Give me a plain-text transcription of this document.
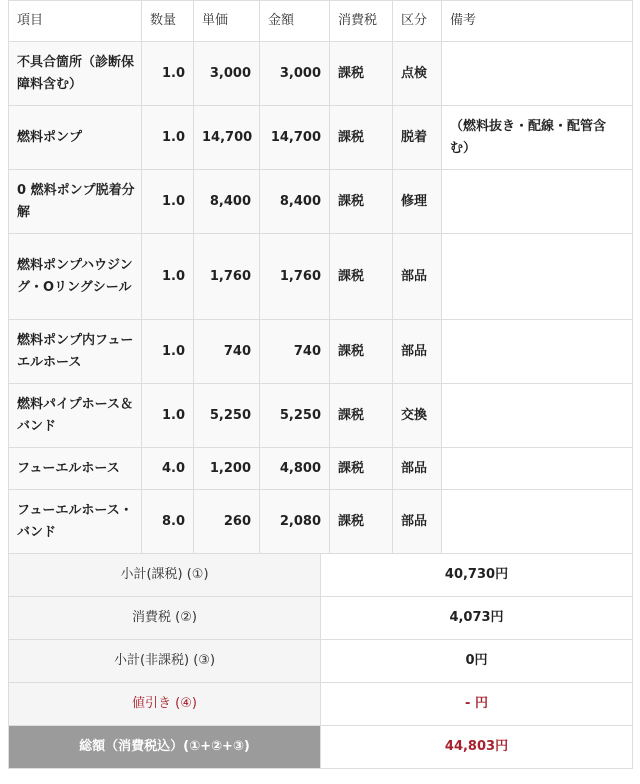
項目	数量	単価	金額	消費税	区分	備考
不具合箇所（診断保障料含む）	1.0	3,000	3,000	課税	点検	
燃料ポンプ	1.0	14,700	14,700	課税	脱着	（燃料抜き・配線・配管含む）
0 燃料ポンプ脱着分解	1.0	8,400	8,400	課税	修理	
燃料ポンプハウジング・Oリングシール	1.0	1,760	1,760	課税	部品	
燃料ポンプ内フューエルホース	1.0	740	740	課税	部品	
燃料パイプホース＆バンド	1.0	5,250	5,250	課税	交換	
フューエルホース	4.0	1,200	4,800	課税	部品	
フューエルホース・バンド	8.0	260	2,080	課税	部品	
小計(課税) (①)	40,730円
消費税 (②)	4,073円
小計(非課税) (③)	0円
値引き (④)	- 円
総額（消費税込）(①+②+③)	44,803円
